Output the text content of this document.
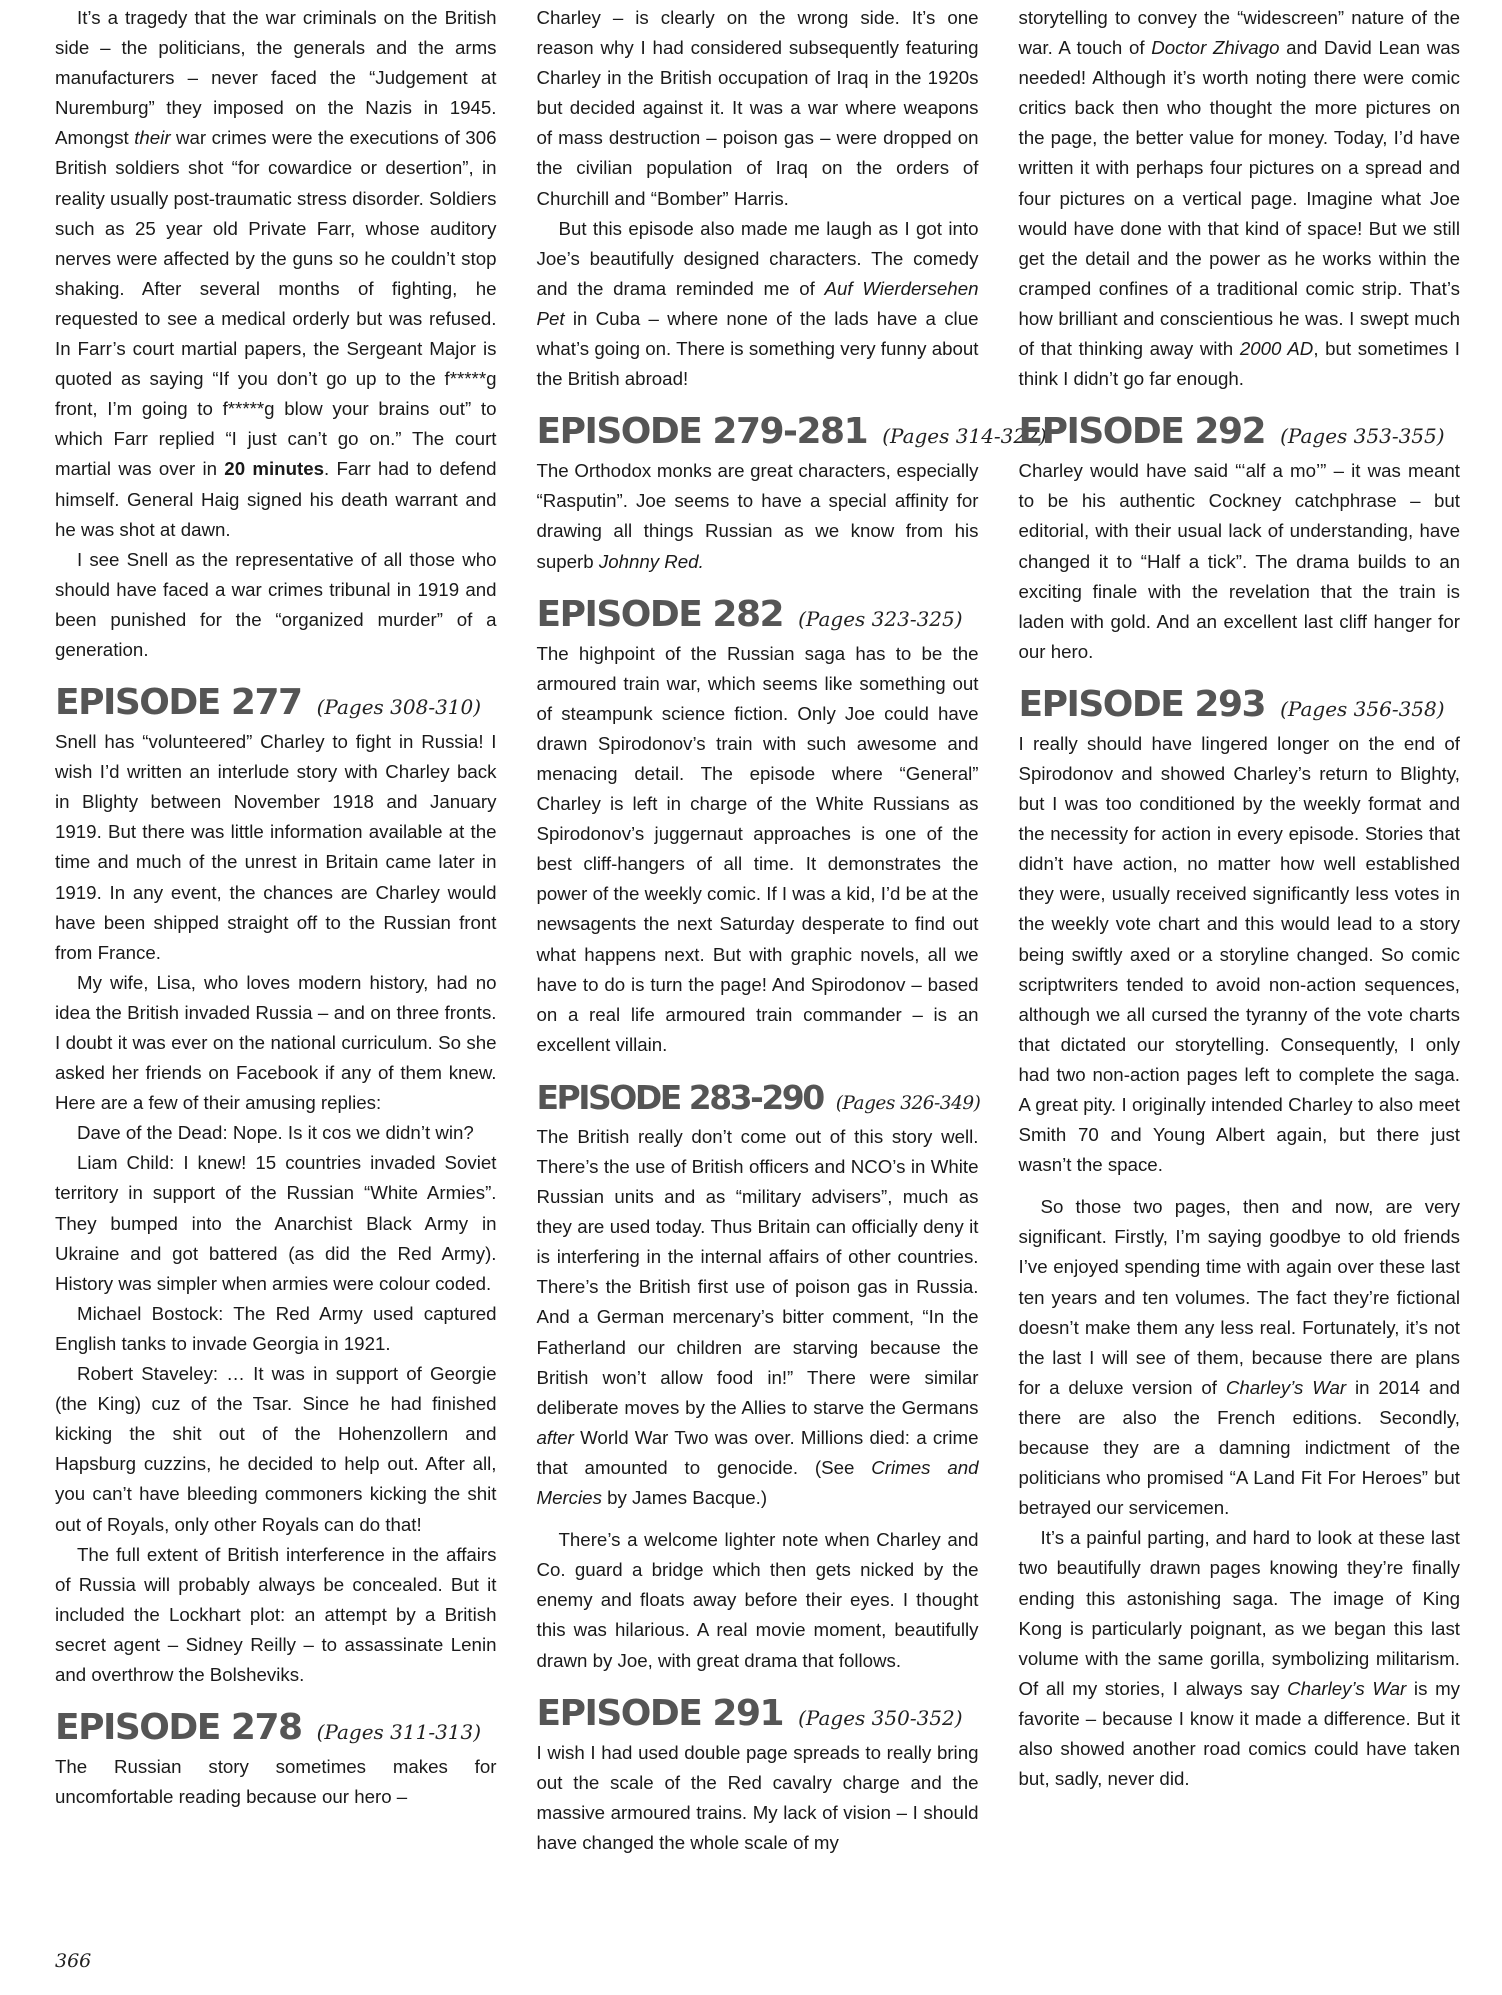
It’s a tragedy that the war criminals on the British side – the politicians, the generals and the arms manufacturers – never faced the “Judgement at Nuremburg” they imposed on the Nazis in 1945. Amongst their war crimes were the executions of 306 British soldiers shot “for cowardice or desertion”, in reality usually post-traumatic stress disorder. Soldiers such as 25 year old Private Farr, whose auditory nerves were affected by the guns so he couldn’t stop shaking. After several months of fighting, he requested to see a medical orderly but was refused. In Farr’s court martial papers, the Sergeant Major is quoted as saying “If you don’t go up to the f*****g front, I’m going to f*****g blow your brains out” to which Farr replied “I just can’t go on.” The court martial was over in 20 minutes. Farr had to defend himself. General Haig signed his death warrant and he was shot at dawn.

I see Snell as the representative of all those who should have faced a war crimes tribunal in 1919 and been punished for the “organized murder” of a generation.

EPISODE 277 (Pages 308-310)

Snell has “volunteered” Charley to fight in Russia! I wish I’d written an interlude story with Charley back in Blighty between November 1918 and January 1919. But there was little information available at the time and much of the unrest in Britain came later in 1919. In any event, the chances are Charley would have been shipped straight off to the Russian front from France.

My wife, Lisa, who loves modern history, had no idea the British invaded Russia – and on three fronts. I doubt it was ever on the national curriculum. So she asked her friends on Facebook if any of them knew. Here are a few of their amusing replies:

Dave of the Dead: Nope. Is it cos we didn’t win?

Liam Child: I knew! 15 countries invaded Soviet territory in support of the Russian “White Armies”. They bumped into the Anarchist Black Army in Ukraine and got battered (as did the Red Army). History was simpler when armies were colour coded.

Michael Bostock: The Red Army used captured English tanks to invade Georgia in 1921.

Robert Staveley: … It was in support of Georgie (the King) cuz of the Tsar. Since he had finished kicking the shit out of the Hohenzollern and Hapsburg cuzzins, he decided to help out. After all, you can’t have bleeding commoners kicking the shit out of Royals, only other Royals can do that!

The full extent of British interference in the affairs of Russia will probably always be concealed. But it included the Lockhart plot: an attempt by a British secret agent – Sidney Reilly – to assassinate Lenin and overthrow the Bolsheviks.

EPISODE 278 (Pages 311-313)

The Russian story sometimes makes for uncomfortable reading because our hero –

Charley – is clearly on the wrong side. It’s one reason why I had considered subsequently featuring Charley in the British occupation of Iraq in the 1920s but decided against it. It was a war where weapons of mass destruction – poison gas – were dropped on the civilian population of Iraq on the orders of Churchill and “Bomber” Harris.

But this episode also made me laugh as I got into Joe’s beautifully designed characters. The comedy and the drama reminded me of Auf Wierdersehen Pet in Cuba – where none of the lads have a clue what’s going on. There is something very funny about the British abroad!

EPISODE 279-281 (Pages 314-322)

The Orthodox monks are great characters, especially “Rasputin”. Joe seems to have a special affinity for drawing all things Russian as we know from his superb Johnny Red.

EPISODE 282 (Pages 323-325)

The highpoint of the Russian saga has to be the armoured train war, which seems like something out of steampunk science fiction. Only Joe could have drawn Spirodonov’s train with such awesome and menacing detail. The episode where “General” Charley is left in charge of the White Russians as Spirodonov’s juggernaut approaches is one of the best cliff-hangers of all time. It demonstrates the power of the weekly comic. If I was a kid, I’d be at the newsagents the next Saturday desperate to find out what happens next. But with graphic novels, all we have to do is turn the page! And Spirodonov – based on a real life armoured train commander – is an excellent villain.

EPISODE 283-290 (Pages 326-349)

The British really don’t come out of this story well. There’s the use of British officers and NCO’s in White Russian units and as “military advisers”, much as they are used today. Thus Britain can officially deny it is interfering in the internal affairs of other countries. There’s the British first use of poison gas in Russia. And a German mercenary’s bitter comment, “In the Fatherland our children are starving because the British won’t allow food in!” There were similar deliberate moves by the Allies to starve the Germans after World War Two was over. Millions died: a crime that amounted to genocide. (See Crimes and Mercies by James Bacque.)

There’s a welcome lighter note when Charley and Co. guard a bridge which then gets nicked by the enemy and floats away before their eyes. I thought this was hilarious. A real movie moment, beautifully drawn by Joe, with great drama that follows.

EPISODE 291 (Pages 350-352)

I wish I had used double page spreads to really bring out the scale of the Red cavalry charge and the massive armoured trains. My lack of vision – I should have changed the whole scale of my

storytelling to convey the “widescreen” nature of the war. A touch of Doctor Zhivago and David Lean was needed! Although it’s worth noting there were comic critics back then who thought the more pictures on the page, the better value for money. Today, I’d have written it with perhaps four pictures on a spread and four pictures on a vertical page. Imagine what Joe would have done with that kind of space! But we still get the detail and the power as he works within the cramped confines of a traditional comic strip. That’s how brilliant and conscientious he was. I swept much of that thinking away with 2000 AD, but sometimes I think I didn’t go far enough.

EPISODE 292 (Pages 353-355)

Charley would have said “‘alf a mo’” – it was meant to be his authentic Cockney catchphrase – but editorial, with their usual lack of understanding, have changed it to “Half a tick”. The drama builds to an exciting finale with the revelation that the train is laden with gold. And an excellent last cliff hanger for our hero.

EPISODE 293 (Pages 356-358)

I really should have lingered longer on the end of Spirodonov and showed Charley’s return to Blighty, but I was too conditioned by the weekly format and the necessity for action in every episode. Stories that didn’t have action, no matter how well established they were, usually received significantly less votes in the weekly vote chart and this would lead to a story being swiftly axed or a storyline changed. So comic scriptwriters tended to avoid non-action sequences, although we all cursed the tyranny of the vote charts that dictated our storytelling. Consequently, I only had two non-action pages left to complete the saga. A great pity. I originally intended Charley to also meet Smith 70 and Young Albert again, but there just wasn’t the space.

So those two pages, then and now, are very significant. Firstly, I’m saying goodbye to old friends I’ve enjoyed spending time with again over these last ten years and ten volumes. The fact they’re fictional doesn’t make them any less real. Fortunately, it’s not the last I will see of them, because there are plans for a deluxe version of Charley’s War in 2014 and there are also the French editions. Secondly, because they are a damning indictment of the politicians who promised “A Land Fit For Heroes” but betrayed our servicemen.

It’s a painful parting, and hard to look at these last two beautifully drawn pages knowing they’re finally ending this astonishing saga. The image of King Kong is particularly poignant, as we began this last volume with the same gorilla, symbolizing militarism. Of all my stories, I always say Charley’s War is my favorite – because I know it made a difference. But it also showed another road comics could have taken but, sadly, never did.

366
